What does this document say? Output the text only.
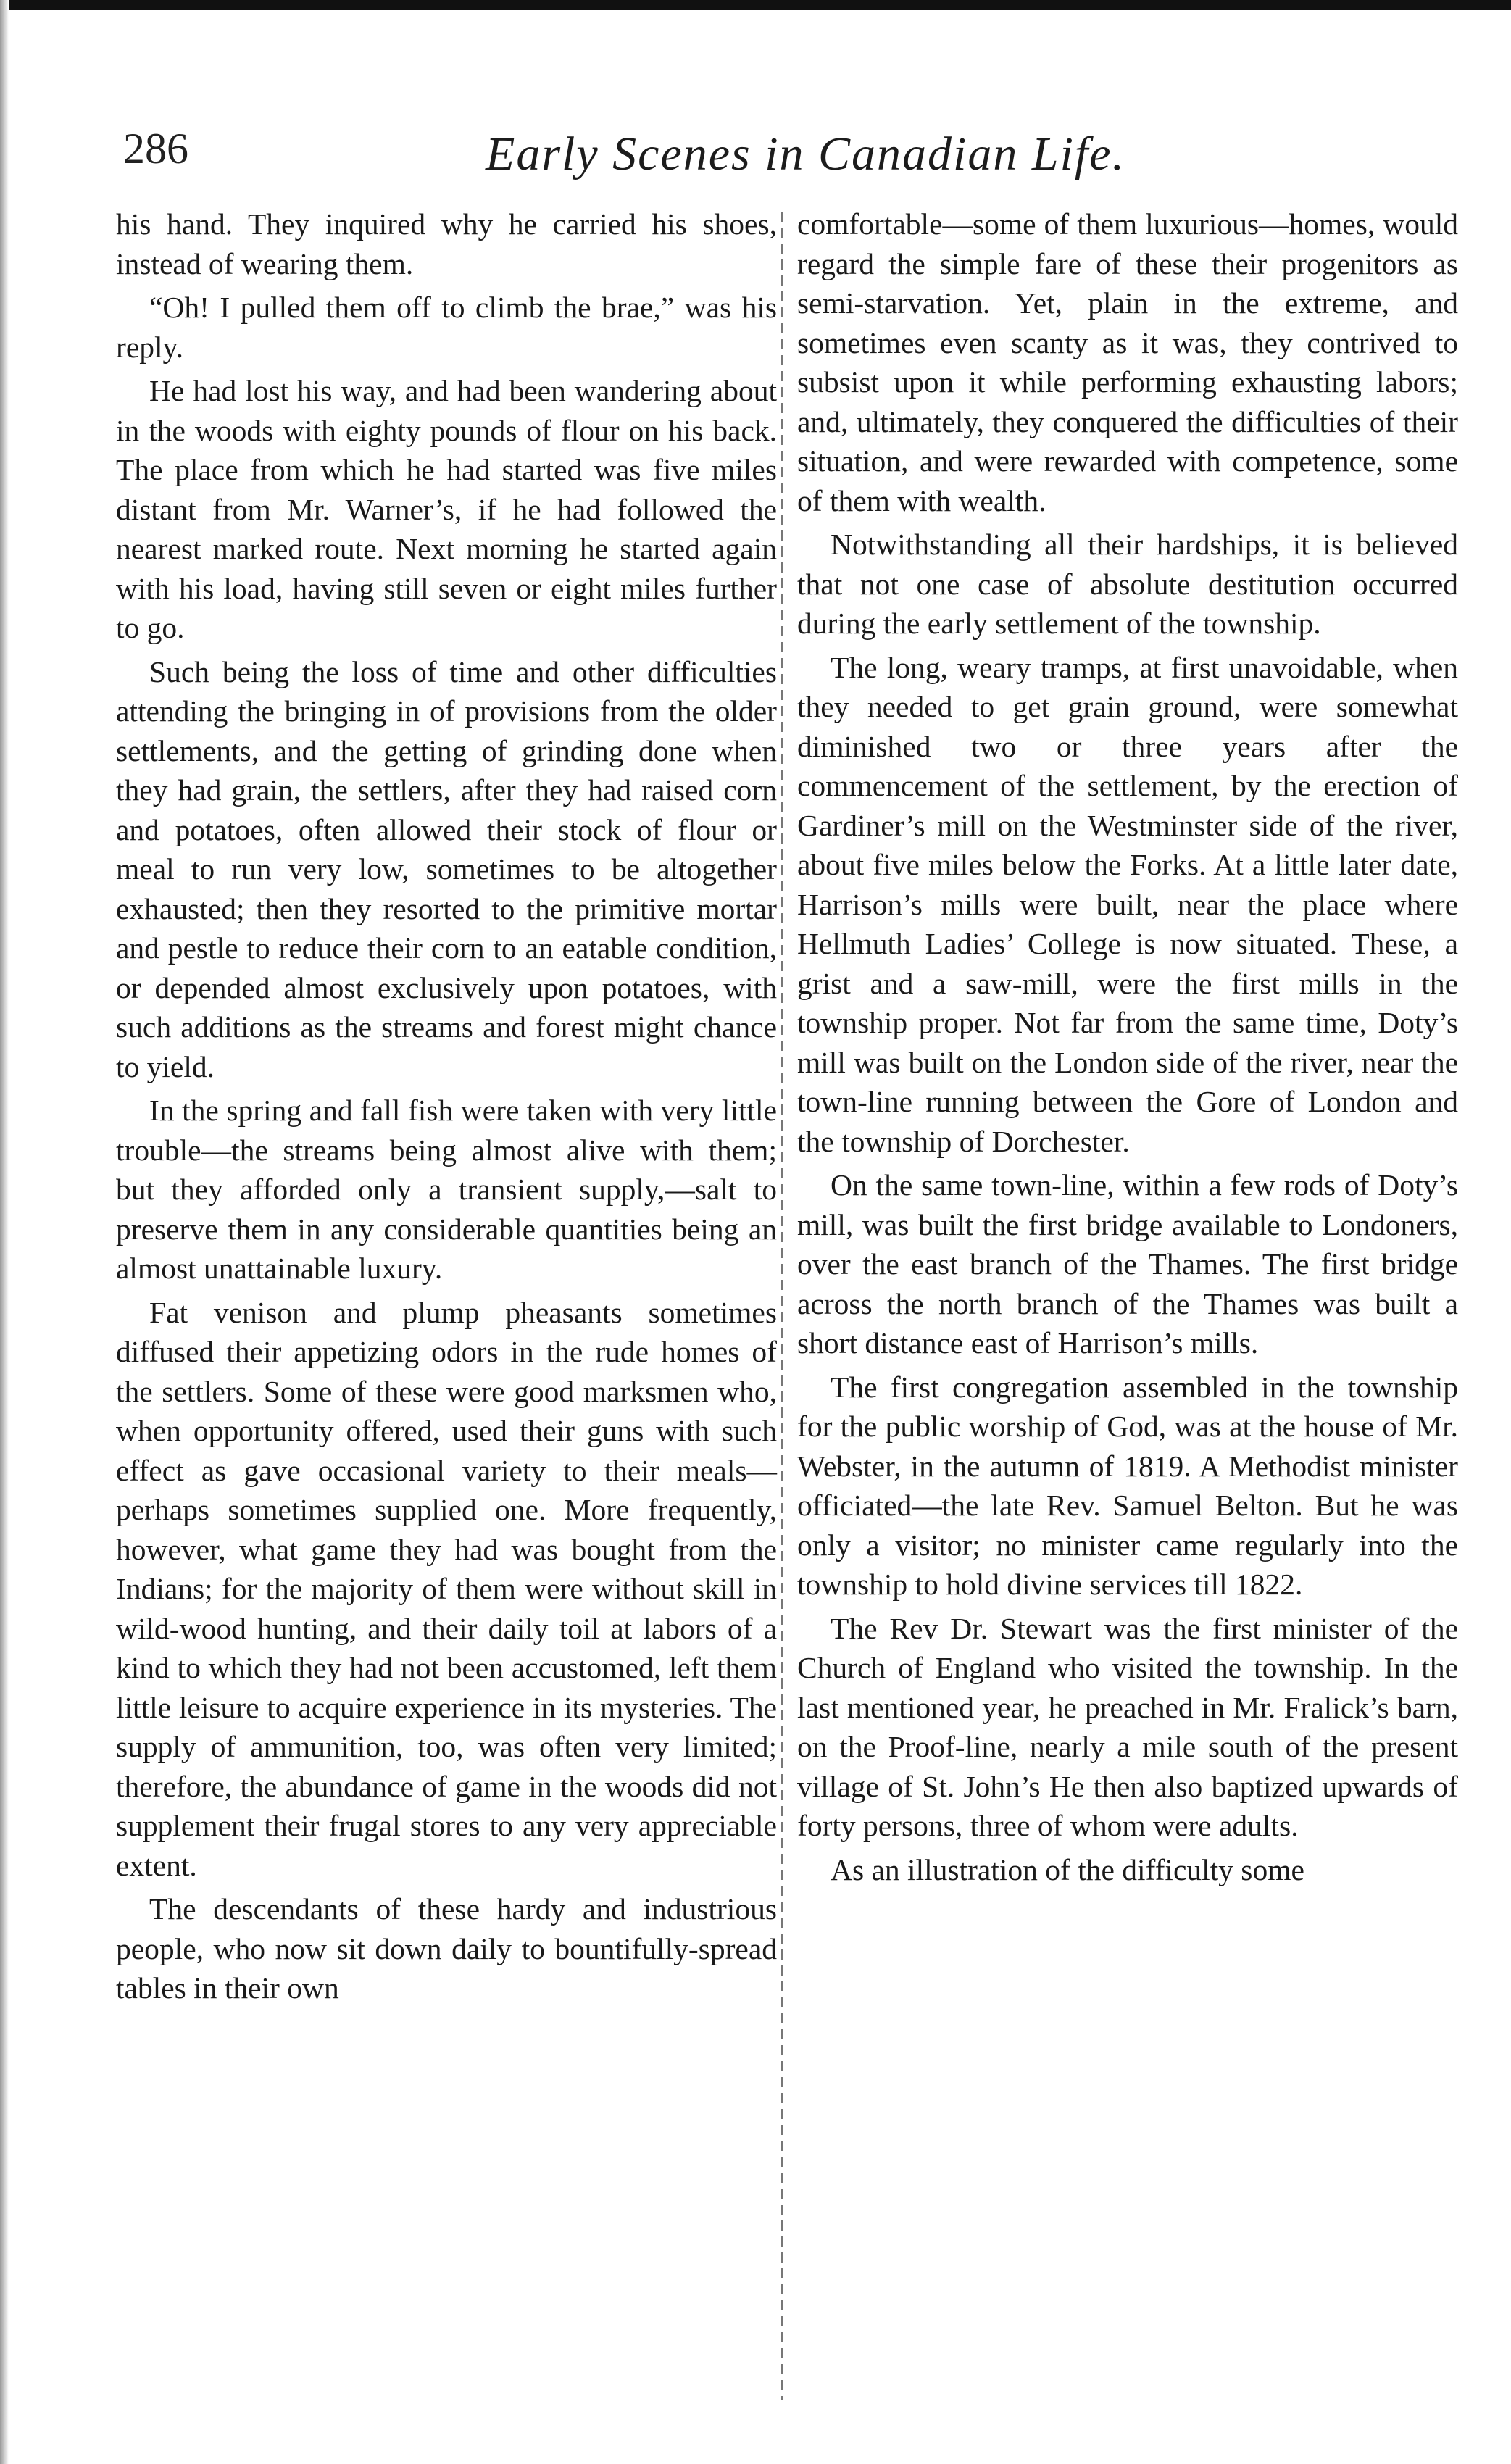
286	Early Scenes in Canadian Life.

his hand. They inquired why he carried his shoes, instead of wearing them.

“Oh! I pulled them off to climb the brae,” was his reply.

He had lost his way, and had been wandering about in the woods with eighty pounds of flour on his back. The place from which he had started was five miles distant from Mr. Warner’s, if he had followed the nearest marked route. Next morning he started again with his load, having still seven or eight miles further to go.

Such being the loss of time and other difficulties attending the bringing in of provisions from the older settlements, and the getting of grinding done when they had grain, the settlers, after they had raised corn and potatoes, often allowed their stock of flour or meal to run very low, sometimes to be altogether exhausted; then they resorted to the primitive mortar and pestle to reduce their corn to an eatable condition, or depended almost exclusively upon potatoes, with such additions as the streams and forest might chance to yield.

In the spring and fall fish were taken with very little trouble—the streams being almost alive with them; but they afforded only a transient supply,—salt to preserve them in any considerable quantities being an almost unattainable luxury.

Fat venison and plump pheasants sometimes diffused their appetizing odors in the rude homes of the settlers. Some of these were good marksmen who, when opportunity offered, used their guns with such effect as gave occasional variety to their meals—perhaps sometimes supplied one. More frequently, however, what game they had was bought from the Indians; for the majority of them were without skill in wild-wood hunting, and their daily toil at labors of a kind to which they had not been accustomed, left them little leisure to acquire experience in its mysteries. The supply of ammunition, too, was often very limited; therefore, the abundance of game in the woods did not supplement their frugal stores to any very appreciable extent.

The descendants of these hardy and industrious people, who now sit down daily to bountifully-spread tables in their own

comfortable—some of them luxurious—homes, would regard the simple fare of these their progenitors as semi-starvation. Yet, plain in the extreme, and sometimes even scanty as it was, they contrived to subsist upon it while performing exhausting labors; and, ultimately, they conquered the difficulties of their situation, and were rewarded with competence, some of them with wealth.

Notwithstanding all their hardships, it is believed that not one case of absolute destitution occurred during the early settlement of the township.

The long, weary tramps, at first unavoidable, when they needed to get grain ground, were somewhat diminished two or three years after the commencement of the settlement, by the erection of Gardiner’s mill on the Westminster side of the river, about five miles below the Forks. At a little later date, Harrison’s mills were built, near the place where Hellmuth Ladies’ College is now situated. These, a grist and a saw-mill, were the first mills in the township proper. Not far from the same time, Doty’s mill was built on the London side of the river, near the town-line running between the Gore of London and the township of Dorchester.

On the same town-line, within a few rods of Doty’s mill, was built the first bridge available to Londoners, over the east branch of the Thames. The first bridge across the north branch of the Thames was built a short distance east of Harrison’s mills.

The first congregation assembled in the township for the public worship of God, was at the house of Mr. Webster, in the autumn of 1819. A Methodist minister officiated—the late Rev. Samuel Belton. But he was only a visitor; no minister came regularly into the township to hold divine services till 1822.

The Rev Dr. Stewart was the first minister of the Church of England who visited the township. In the last mentioned year, he preached in Mr. Fralick’s barn, on the Proof-line, nearly a mile south of the present village of St. John’s He then also baptized upwards of forty persons, three of whom were adults.

As an illustration of the difficulty some
